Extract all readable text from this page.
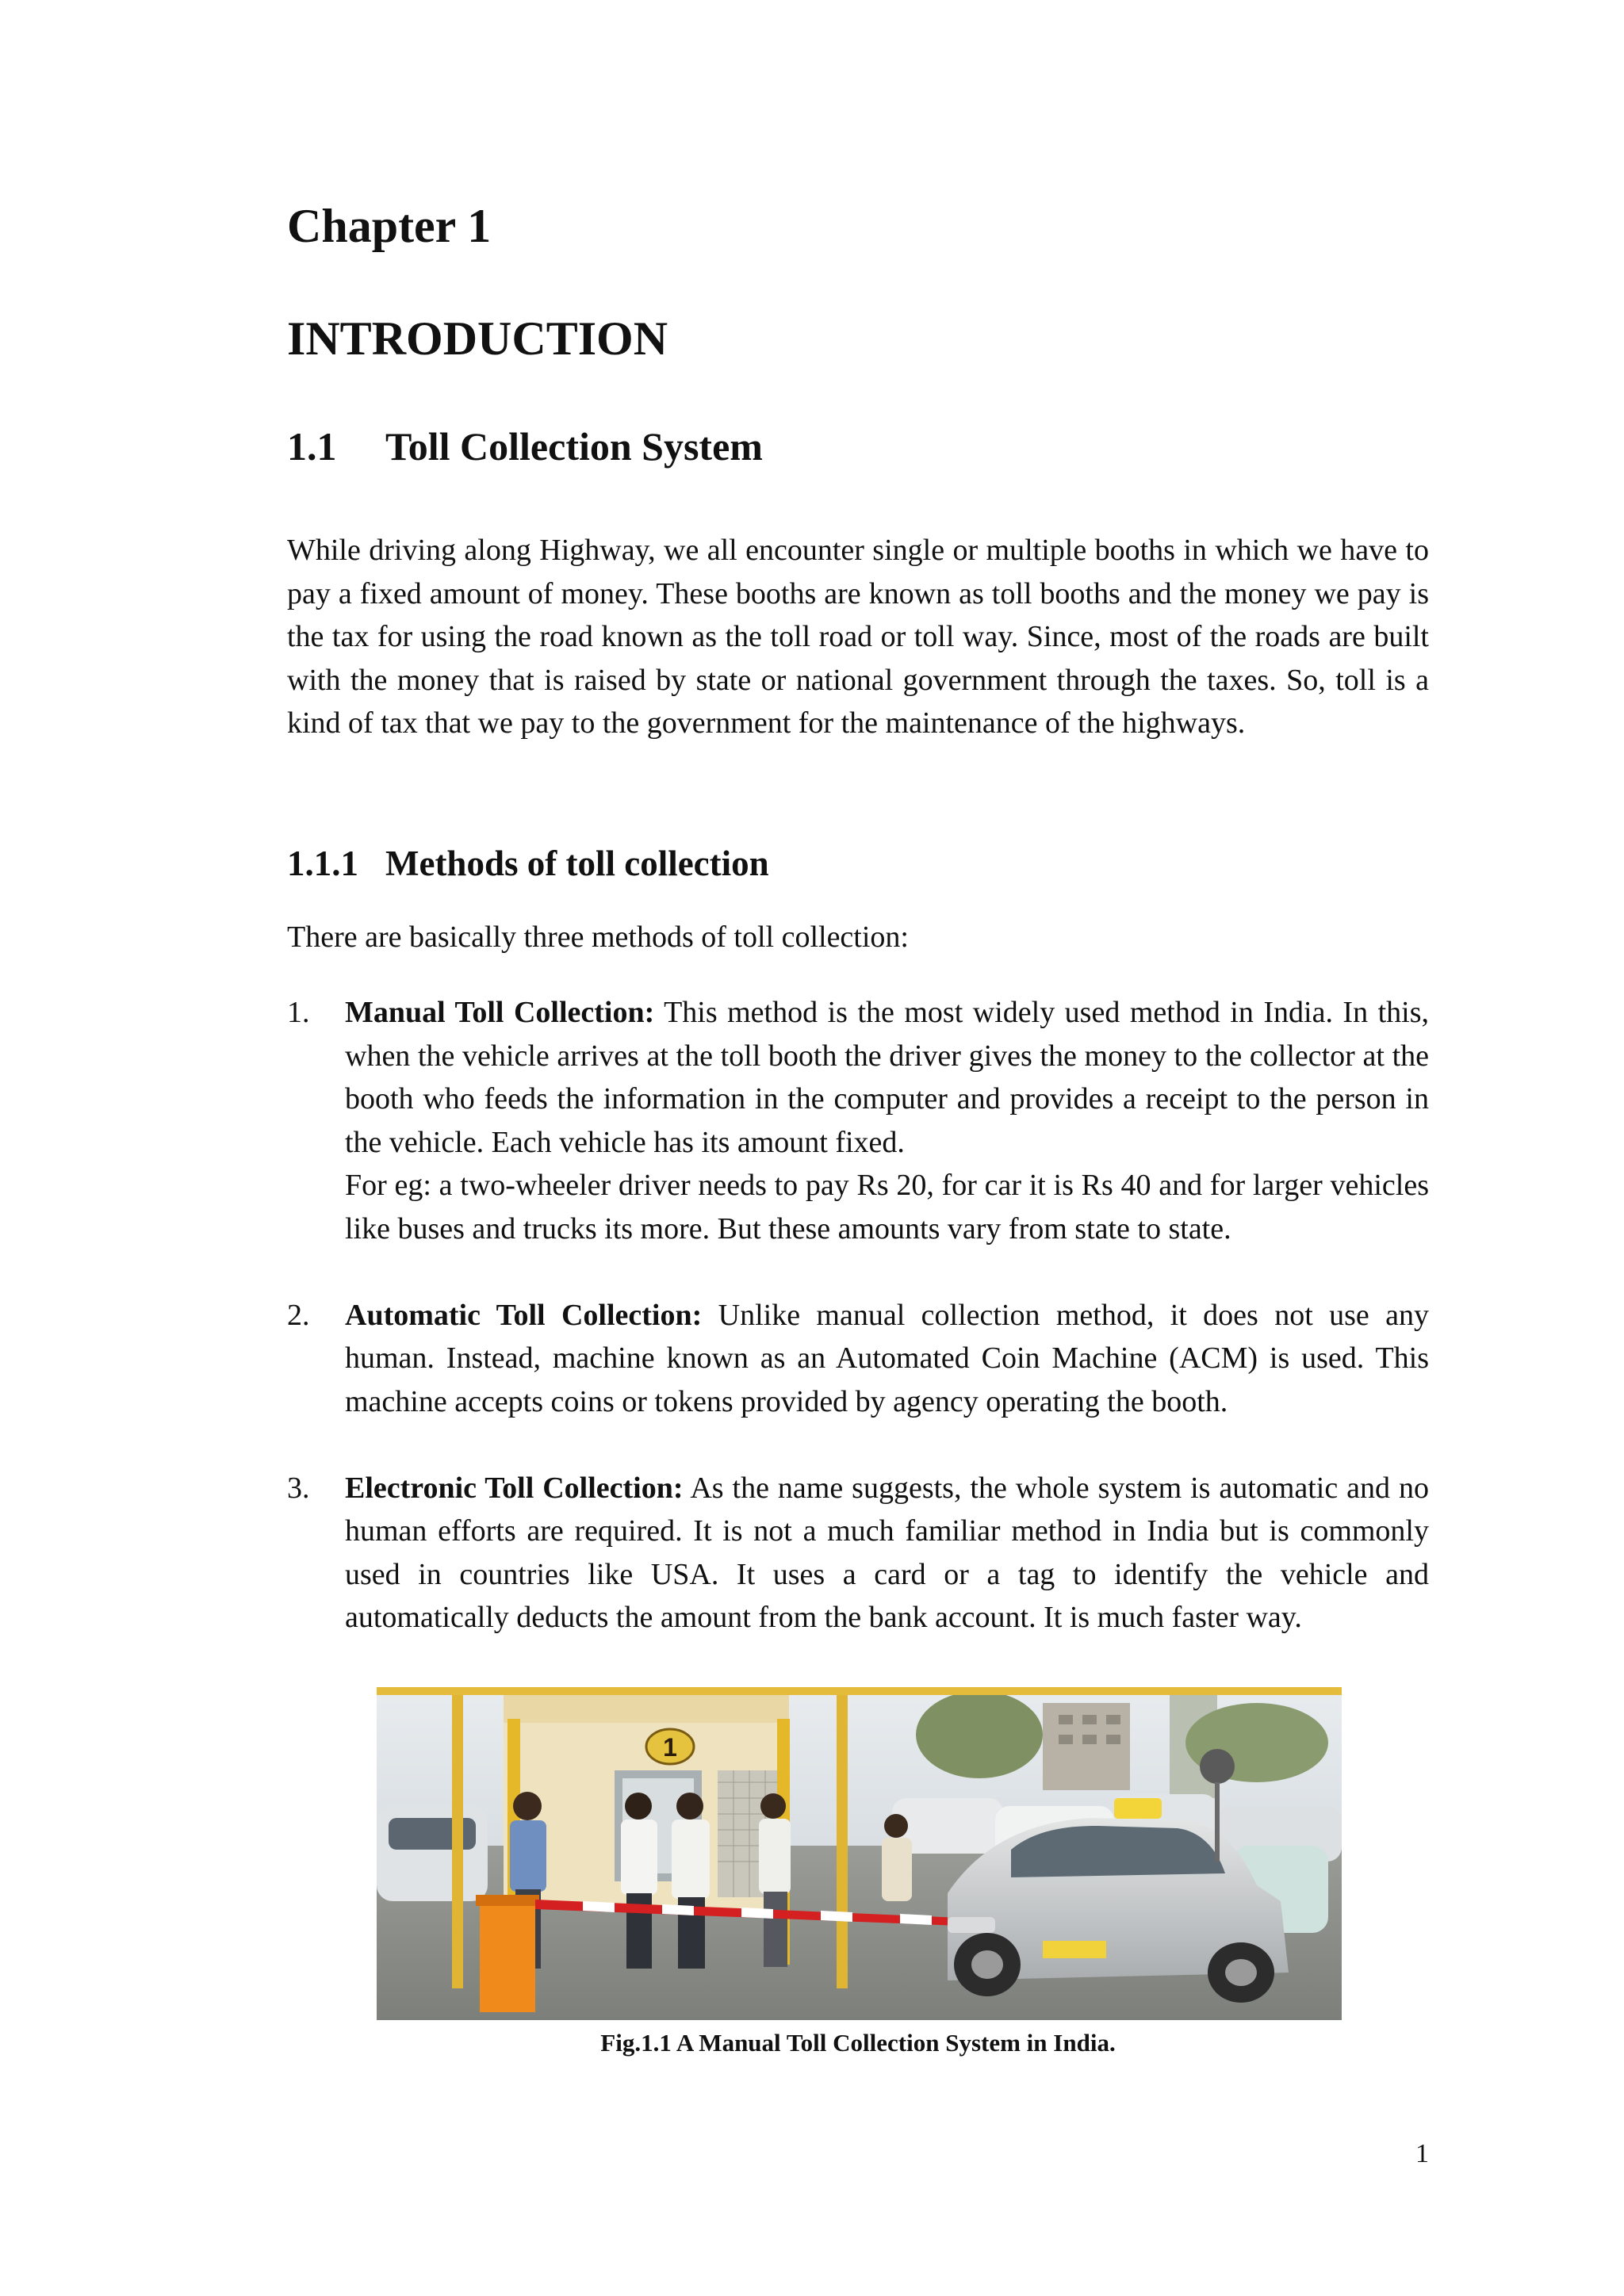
Chapter 1
INTRODUCTION
1.1 Toll Collection System

While driving along Highway, we all encounter single or multiple booths in which we have to pay a fixed amount of money. These booths are known as toll booths and the money we pay is the tax for using the road known as the toll road or toll way. Since, most of the roads are built with the money that is raised by state or national government through the taxes. So, toll is a kind of tax that we pay to the government for the maintenance of the highways.

1.1.1 Methods of toll collection

There are basically three methods of toll collection:

1. Manual Toll Collection: This method is the most widely used method in India. In this, when the vehicle arrives at the toll booth the driver gives the money to the collector at the booth who feeds the information in the computer and provides a receipt to the person in the vehicle. Each vehicle has its amount fixed.
For eg: a two-wheeler driver needs to pay Rs 20, for car it is Rs 40 and for larger vehicles like buses and trucks its more. But these amounts vary from state to state.
2. Automatic Toll Collection: Unlike manual collection method, it does not use any human. Instead, machine known as an Automated Coin Machine (ACM) is used. This machine accepts coins or tokens provided by agency operating the booth.
3. Electronic Toll Collection: As the name suggests, the whole system is automatic and no human efforts are required. It is not a much familiar method in India but is commonly used in countries like USA. It uses a card or a tag to identify the vehicle and automatically deducts the amount from the bank account. It is much faster way.
1
Fig.1.1 A Manual Toll Collection System in India.
1
